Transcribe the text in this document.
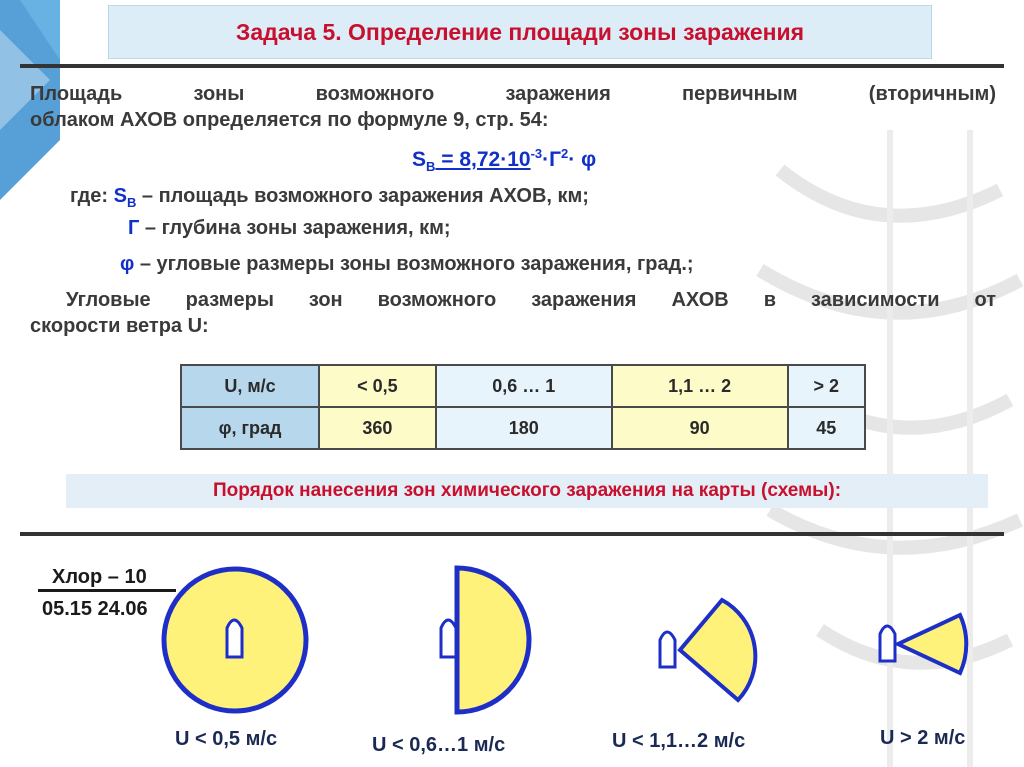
Задача 5. Определение площади зоны заражения
Площадь зоны возможного заражения первичным (вторичным)
облаком АХОВ определяется по формуле 9, стр. 54:
$S_В = 8,72\cdot 10^{-3}\cdot Г^2\cdot \varphi$
где: $S_В$ – площадь возможного заражения АХОВ, км;
Г – глубина зоны заражения, км;
φ – угловые размеры зоны возможного заражения, град.;
Угловые размеры зон возможного заражения АХОВ в зависимости от
скорости ветра U:
U, м/с	< 0,5	0,6 … 1	1,1 … 2	> 2
φ, град	360	180	90	45
Порядок нанесения зон химического заражения на карты (схемы):
Хлор – 10
05.15 24.06
U < 0,5 м/с	U < 0,6…1 м/с	U < 1,1…2 м/с	U > 2 м/с
